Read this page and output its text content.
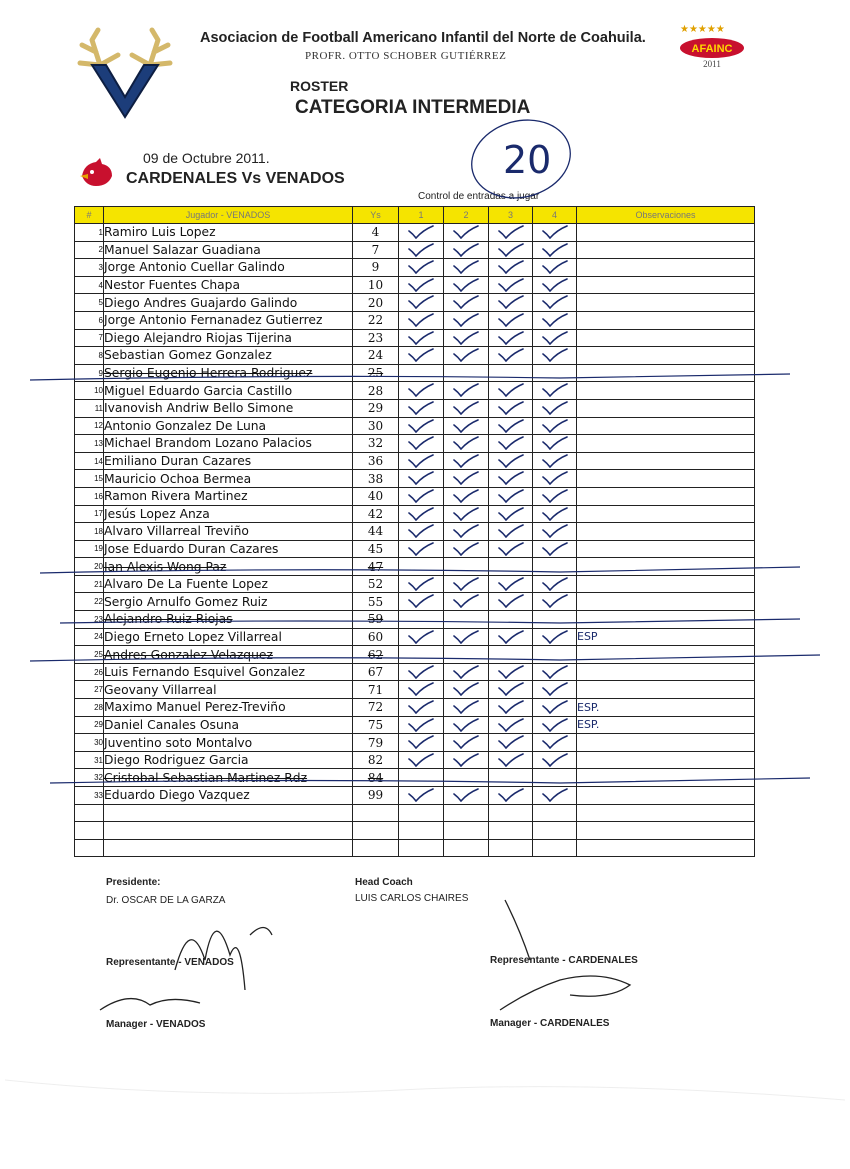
★★★★★
AFAINC
2011
Asociacion de Football Americano Infantil del Norte de Coahuila.
PROFR. OTTO SCHOBER GUTIÉRREZ
ROSTER
CATEGORIA INTERMEDIA
09 de Octubre 2011.
CARDENALES Vs VENADOS
Control de entradas a jugar
20
#	Jugador - VENADOS	Ys	1	2	3	4	Observaciones
1	Ramiro Luis Lopez	4	

2	Manuel Salazar Guadiana	7	

3	Jorge Antonio Cuellar Galindo	9	

4	Nestor Fuentes Chapa	10	

5	Diego Andres Guajardo Galindo	20	

6	Jorge Antonio Fernanadez Gutierrez	22	

7	Diego Alejandro Riojas Tijerina	23	

8	Sebastian Gomez Gonzalez	24	

9	Sergio Eugenio Herrera Rodriguez	25					
10	Miguel Eduardo Garcia Castillo	28	

11	Ivanovish Andriw Bello Simone	29	

12	Antonio Gonzalez De Luna	30	

13	Michael Brandom Lozano Palacios	32	

14	Emiliano Duran Cazares	36	

15	Mauricio Ochoa Bermea	38	

16	Ramon Rivera Martinez	40	

17	Jesús Lopez Anza	42	

18	Alvaro Villarreal Treviño	44	

19	Jose Eduardo Duran Cazares	45	

20	Ian Alexis Wong Paz	47					
21	Alvaro De La Fuente Lopez	52	

22	Sergio Arnulfo Gomez Ruiz	55	

23	Alejandro Ruiz Riojas	59					
24	Diego Erneto Lopez Villarreal	60					ESP
25	Andres Gonzalez Velazquez	62					
26	Luis Fernando Esquivel Gonzalez	67	

27	Geovany Villarreal	71	

28	Maximo Manuel Perez-Treviño	72					ESP.
29	Daniel Canales Osuna	75					ESP.
30	Juventino soto Montalvo	79	

31	Diego Rodriguez Garcia	82	

32	Cristobal Sebastian Martinez Rdz	84					
33	Eduardo Diego Vazquez	99	

Presidente:
Dr. OSCAR DE LA GARZA
Head Coach
LUIS CARLOS CHAIRES
Representante - VENADOS	Representante - CARDENALES
Manager - VENADOS	Manager - CARDENALES
